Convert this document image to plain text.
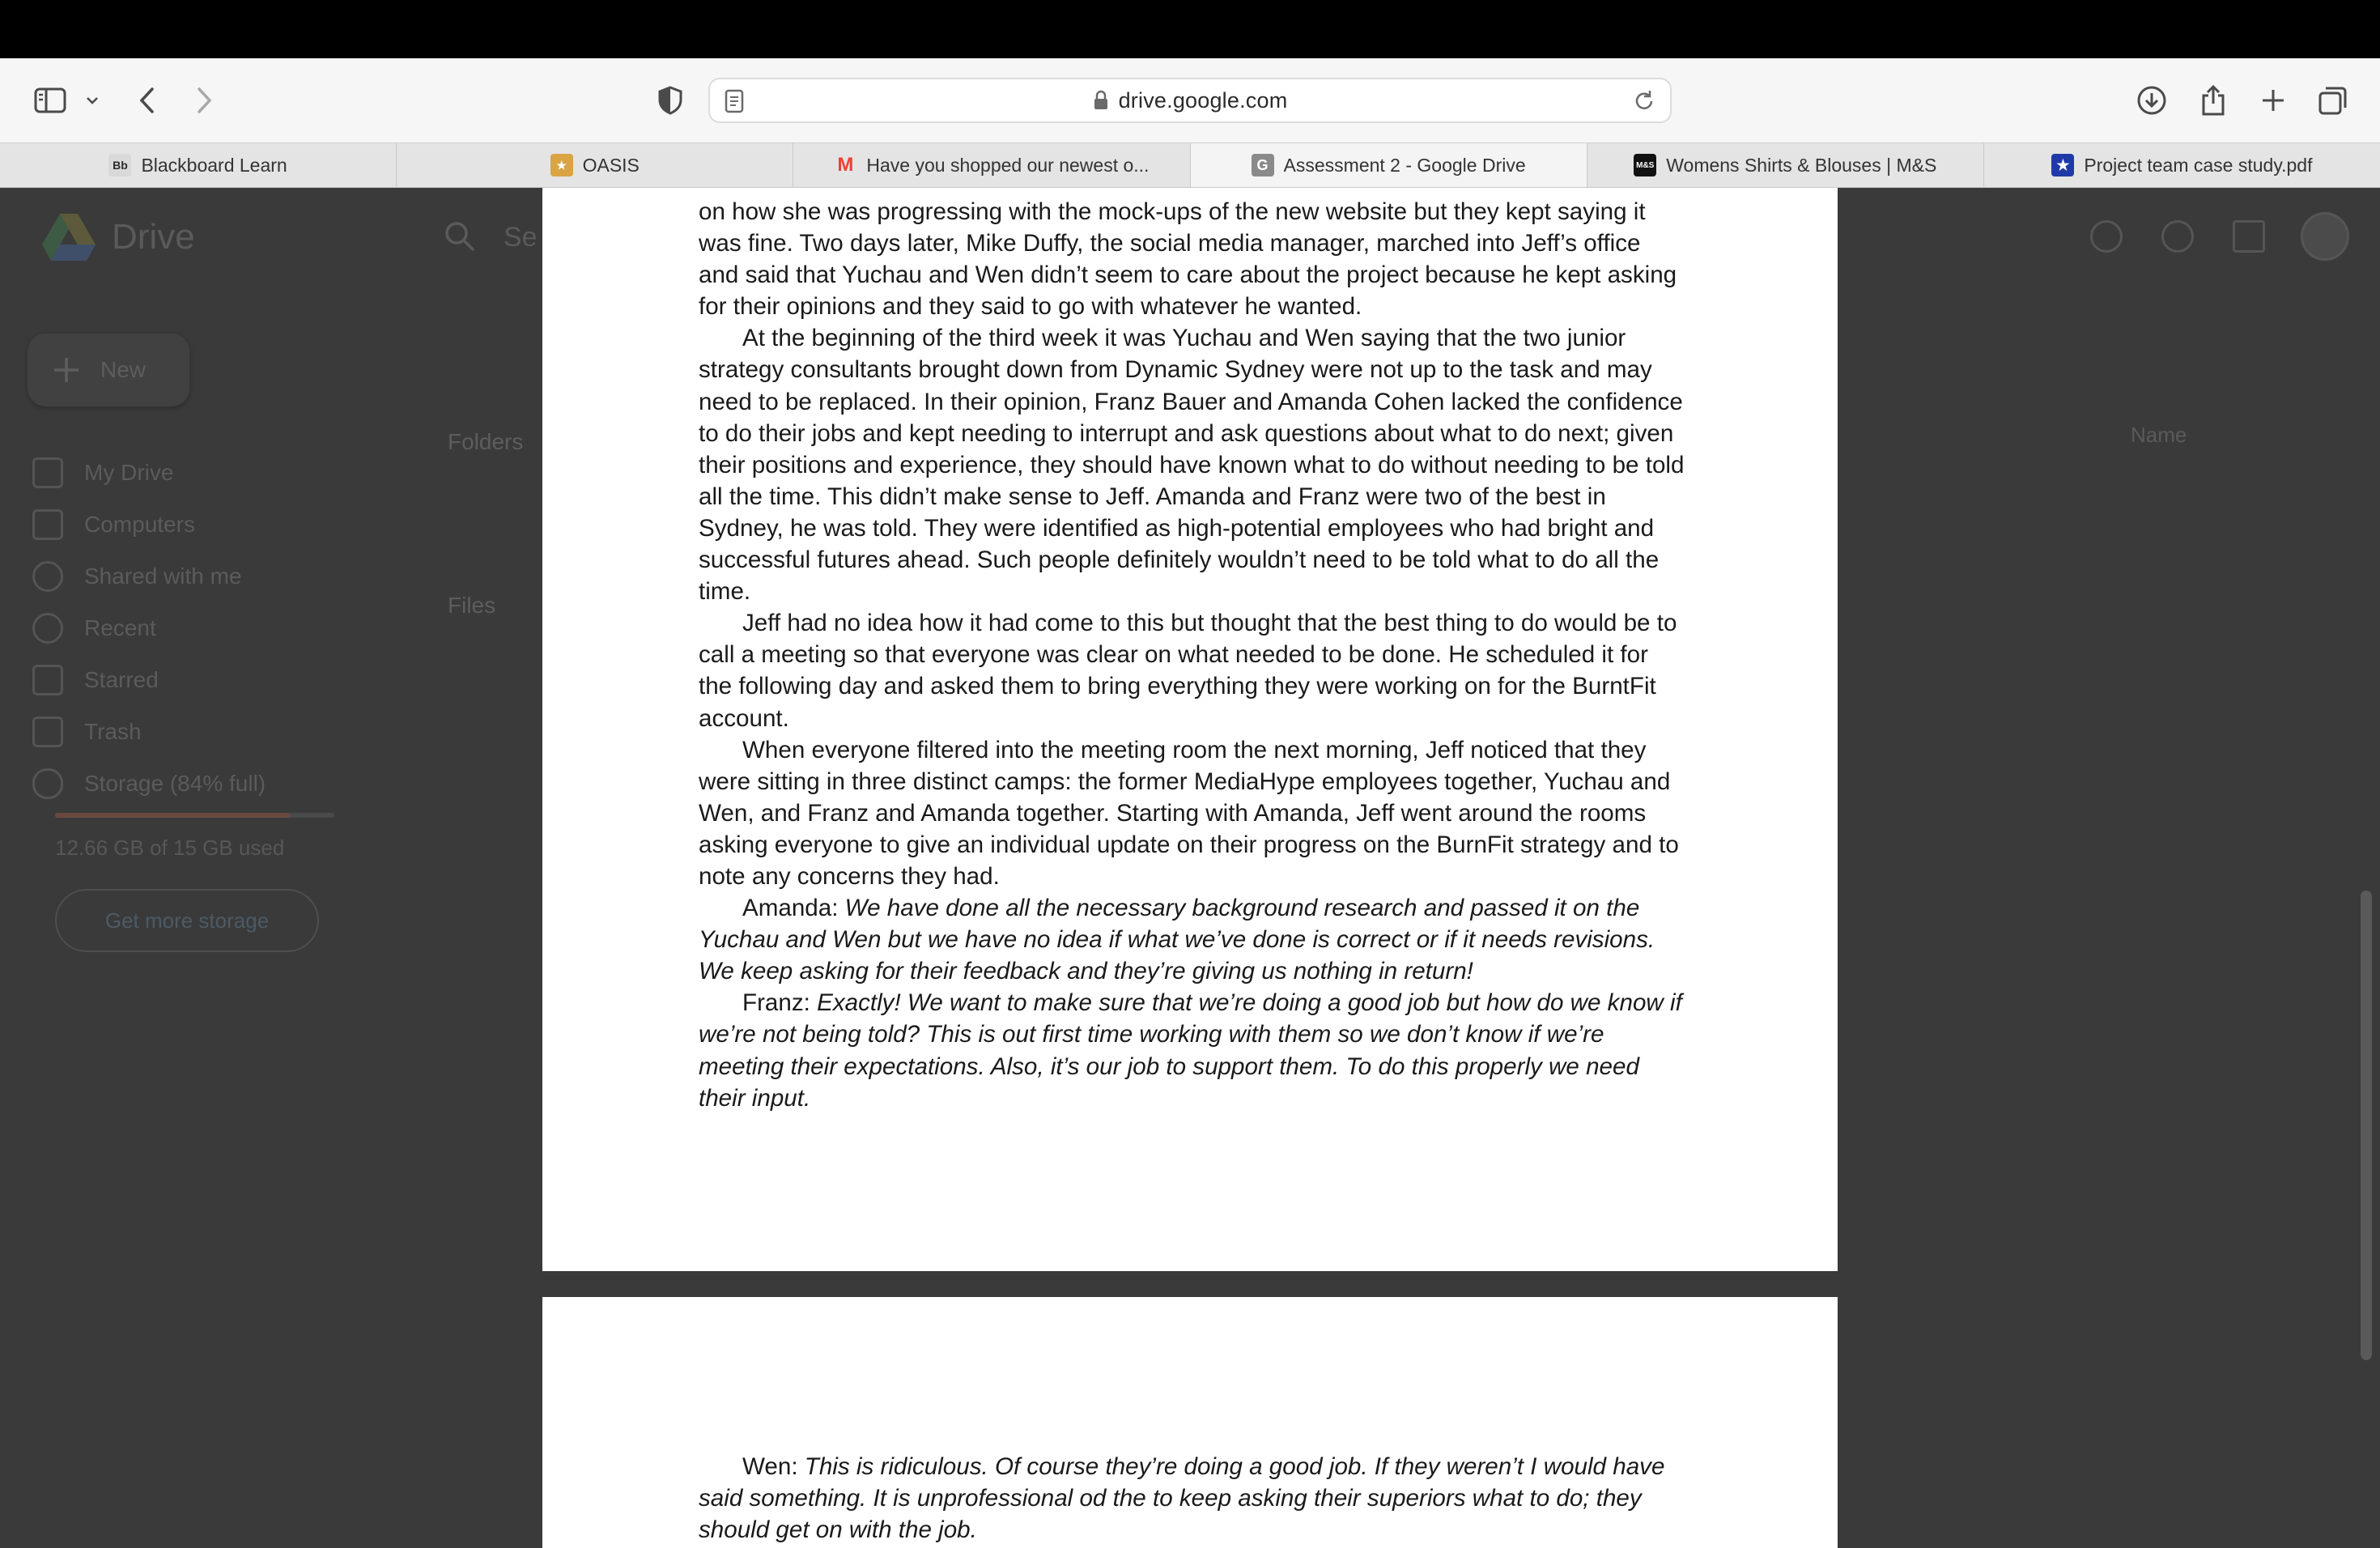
drive.google.com
Bb Blackboard Learn	★ OASIS	M Have you shopped our newest o...	G Assessment 2 - Google Drive	M&S Womens Shirts & Blouses | M&S	★ Project team case study.pdf
Drive	Se
New
My Drive
Computers
Shared with me
Recent
Starred
Trash
Storage (84% full)
12.66 GB of 15 GB used
Get more storage
Folders
Files
Name

on how she was progressing with the mock-ups of the new website but they kept saying it was fine. Two days later, Mike Duffy, the social media manager, marched into Jeff’s office and said that Yuchau and Wen didn’t seem to care about the project because he kept asking for their opinions and they said to go with whatever he wanted.

At the beginning of the third week it was Yuchau and Wen saying that the two junior strategy consultants brought down from Dynamic Sydney were not up to the task and may need to be replaced. In their opinion, Franz Bauer and Amanda Cohen lacked the confidence to do their jobs and kept needing to interrupt and ask questions about what to do next; given their positions and experience, they should have known what to do without needing to be told all the time. This didn’t make sense to Jeff. Amanda and Franz were two of the best in Sydney, he was told. They were identified as high-potential employees who had bright and successful futures ahead. Such people definitely wouldn’t need to be told what to do all the time.

Jeff had no idea how it had come to this but thought that the best thing to do would be to call a meeting so that everyone was clear on what needed to be done. He scheduled it for the following day and asked them to bring everything they were working on for the BurntFit account.

When everyone filtered into the meeting room the next morning, Jeff noticed that they were sitting in three distinct camps: the former MediaHype employees together, Yuchau and Wen, and Franz and Amanda together. Starting with Amanda, Jeff went around the rooms asking everyone to give an individual update on their progress on the BurnFit strategy and to note any concerns they had.

Amanda: We have done all the necessary background research and passed it on the Yuchau and Wen but we have no idea if what we’ve done is correct or if it needs revisions. We keep asking for their feedback and they’re giving us nothing in return!

Franz: Exactly! We want to make sure that we’re doing a good job but how do we know if we’re not being told? This is out first time working with them so we don’t know if we’re meeting their expectations. Also, it’s our job to support them. To do this properly we need their input.

Wen: This is ridiculous. Of course they’re doing a good job. If they weren’t I would have said something. It is unprofessional od the to keep asking their superiors what to do; they should get on with the job.
